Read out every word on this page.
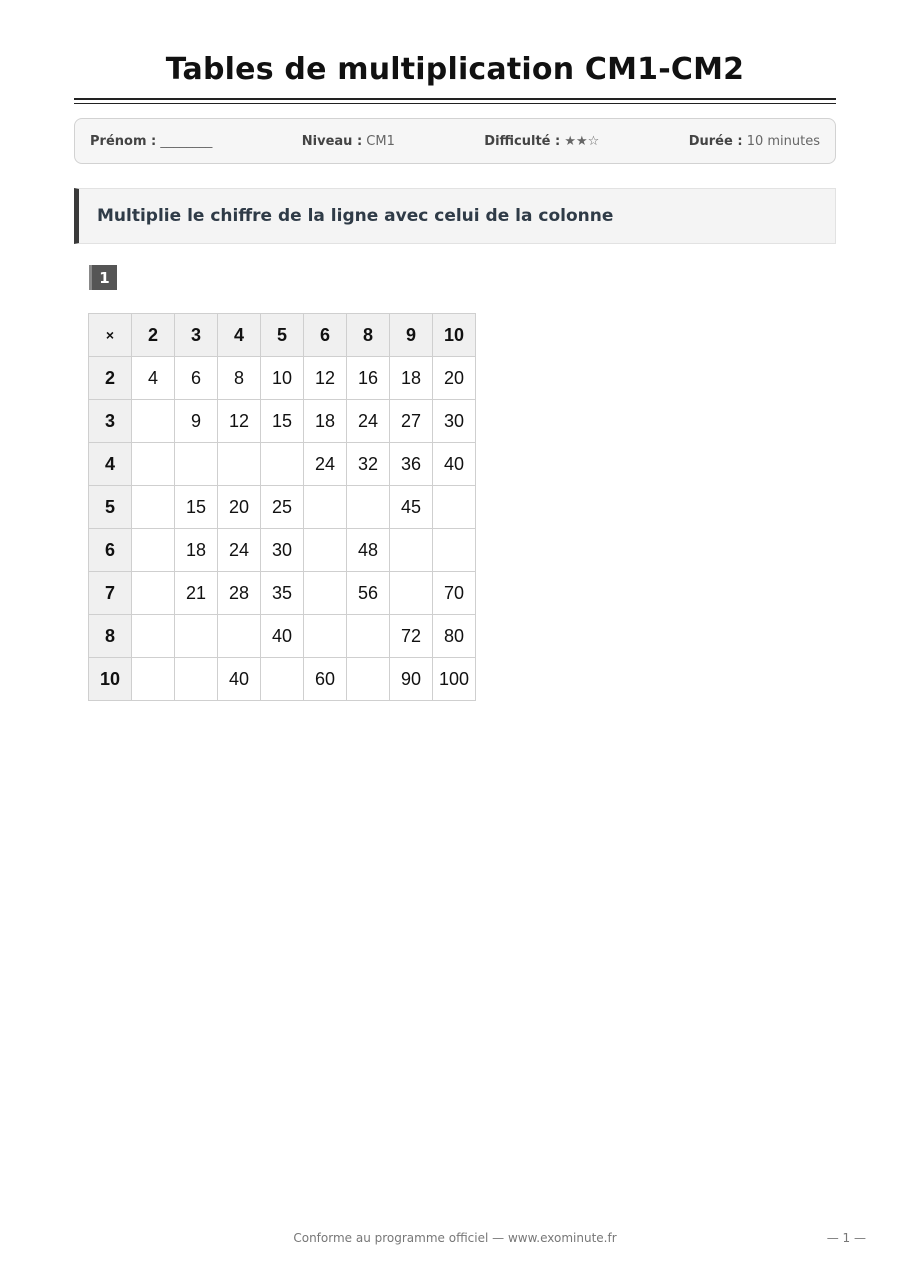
Tables de multiplication CM1-CM2
Prénom : ________	Niveau : CM1	Difficulté : ★★☆	Durée : 10 minutes
Multiplie le chiffre de la ligne avec celui de la colonne
1
×	2	3	4	5	6	8	9	10
2	4	6	8	10	12	16	18	20
3		9	12	15	18	24	27	30
4					24	32	36	40
5		15	20	25			45	
6		18	24	30		48		
7		21	28	35		56		70
8				40			72	80
10			40		60		90	100
Conforme au programme officiel — www.exominute.fr	— 1 —
